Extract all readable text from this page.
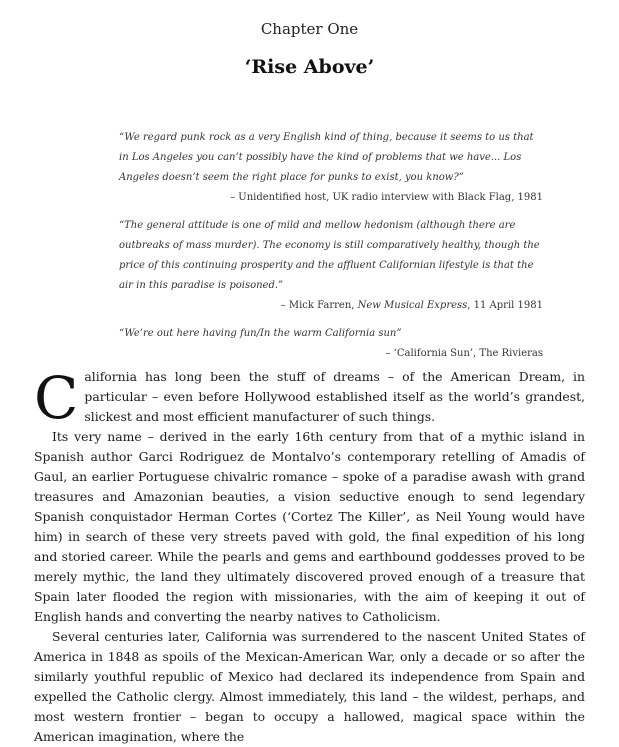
Chapter One
‘Rise Above’

“We regard punk rock as a very English kind of thing, because it seems to us that in Los Angeles you can’t possibly have the kind of problems that we have... Los Angeles doesn’t seem the right place for punks to exist, you know?”

– Unidentified host, UK radio interview with Black Flag, 1981

“The general attitude is one of mild and mellow hedonism (although there are outbreaks of mass murder). The economy is still comparatively healthy, though the price of this continuing prosperity and the affluent Californian lifestyle is that the air in this paradise is poisoned.”

– Mick Farren, New Musical Express, 11 April 1981

“We’re out here having fun/In the warm California sun”

– ‘California Sun’, The Rivieras

California has long been the stuff of dreams – of the American Dream, in particular – even before Hollywood established itself as the world’s grandest, slickest and most efficient manufacturer of such things.

Its very name – derived in the early 16th century from that of a mythic island in Spanish author Garci Rodriguez de Montalvo’s contemporary retelling of Amadis of Gaul, an earlier Portuguese chivalric romance – spoke of a paradise awash with grand treasures and Amazonian beauties, a vision seductive enough to send legendary Spanish conquistador Herman Cortes (‘Cortez The Killer’, as Neil Young would have him) in search of these very streets paved with gold, the final expedition of his long and storied career. While the pearls and gems and earthbound goddesses proved to be merely mythic, the land they ultimately discovered proved enough of a treasure that Spain later flooded the region with missionaries, with the aim of keeping it out of English hands and converting the nearby natives to Catholicism.

Several centuries later, California was surrendered to the nascent United States of America in 1848 as spoils of the Mexican-American War, only a decade or so after the similarly youthful republic of Mexico had declared its independence from Spain and expelled the Catholic clergy. Almost immediately, this land – the wildest, perhaps, and most western frontier – began to occupy a hallowed, magical space within the American imagination, where the
